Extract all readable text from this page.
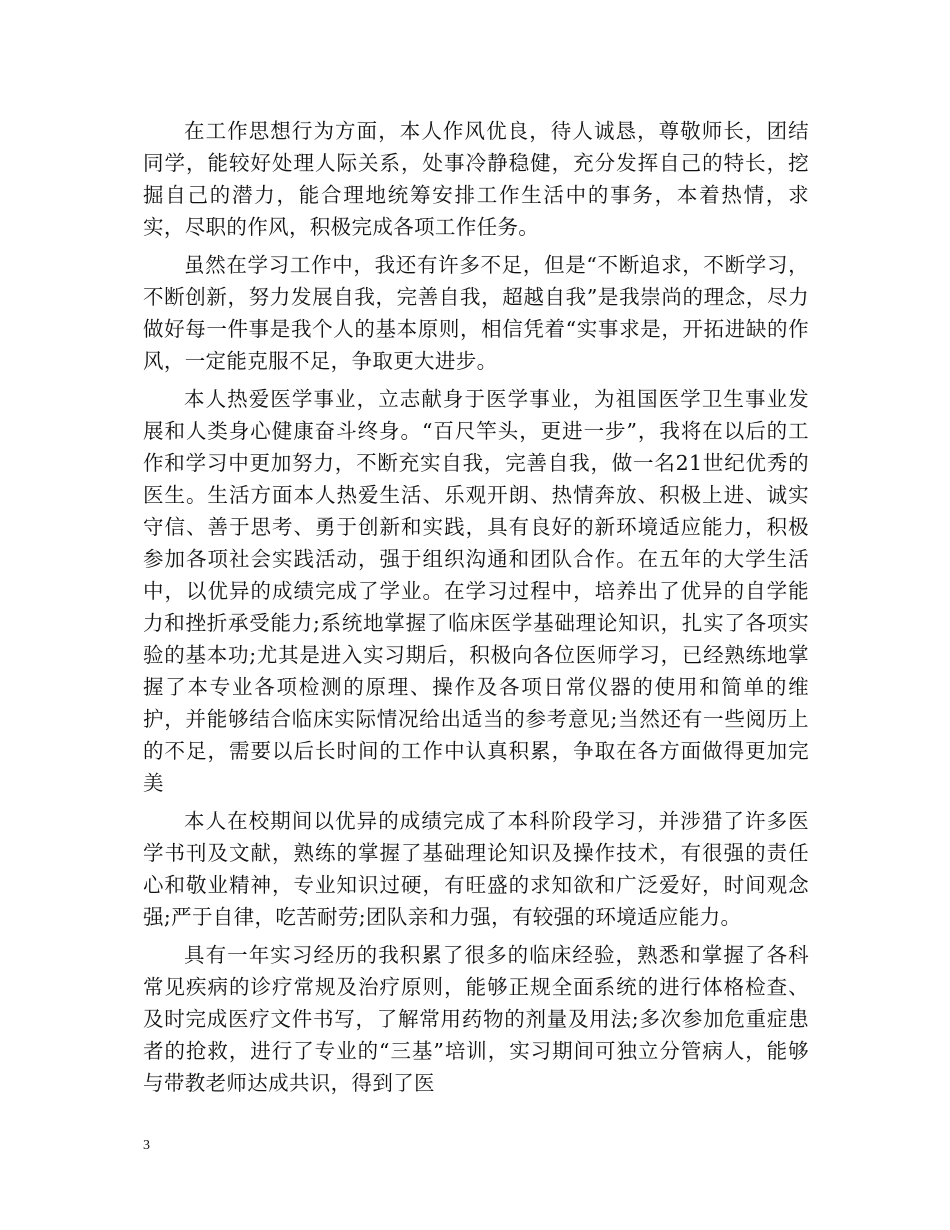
在工作思想行为方面，本人作风优良，待人诚恳，尊敬师长，团结同学，能较好处理人际关系，处事冷静稳健，充分发挥自己的特长，挖掘自己的潜力，能合理地统筹安排工作生活中的事务，本着热情，求实，尽职的作风，积极完成各项工作任务。

虽然在学习工作中，我还有许多不足，但是“不断追求，不断学习，不断创新，努力发展自我，完善自我，超越自我”是我崇尚的理念，尽力做好每一件事是我个人的基本原则，相信凭着“实事求是，开拓进缺的作风，一定能克服不足，争取更大进步。

本人热爱医学事业，立志献身于医学事业，为祖国医学卫生事业发展和人类身心健康奋斗终身。“百尺竿头，更进一步”，我将在以后的工作和学习中更加努力，不断充实自我，完善自我，做一名21世纪优秀的医生。生活方面本人热爱生活、乐观开朗、热情奔放、积极上进、诚实守信、善于思考、勇于创新和实践，具有良好的新环境适应能力，积极参加各项社会实践活动，强于组织沟通和团队合作。在五年的大学生活中，以优异的成绩完成了学业。在学习过程中，培养出了优异的自学能力和挫折承受能力;系统地掌握了临床医学基础理论知识，扎实了各项实验的基本功;尤其是进入实习期后，积极向各位医师学习，已经熟练地掌握了本专业各项检测的原理、操作及各项日常仪器的使用和简单的维护，并能够结合临床实际情况给出适当的参考意见;当然还有一些阅历上的不足，需要以后长时间的工作中认真积累，争取在各方面做得更加完美

本人在校期间以优异的成绩完成了本科阶段学习，并涉猎了许多医学书刊及文献，熟练的掌握了基础理论知识及操作技术，有很强的责任心和敬业精神，专业知识过硬，有旺盛的求知欲和广泛爱好，时间观念强;严于自律，吃苦耐劳;团队亲和力强，有较强的环境适应能力。

具有一年实习经历的我积累了很多的临床经验，熟悉和掌握了各科常见疾病的诊疗常规及治疗原则，能够正规全面系统的进行体格检查、及时完成医疗文件书写，了解常用药物的剂量及用法;多次参加危重症患者的抢救，进行了专业的“三基”培训，实习期间可独立分管病人，能够与带教老师达成共识，得到了医

3
